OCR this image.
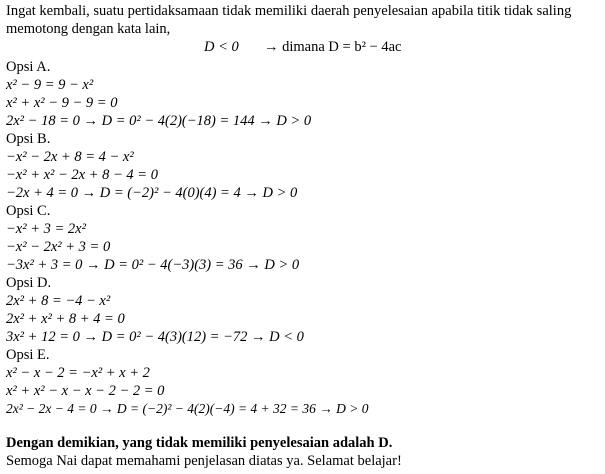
Ingat kembali, suatu pertidaksamaan tidak memiliki daerah penyelesaian apabila titik tidak saling
memotong dengan kata lain,
D < 0 → dimana D = b² − 4ac
Opsi A.
x² − 9 = 9 − x²
x² + x² − 9 − 9 = 0
2x² − 18 = 0 → D = 0² − 4(2)(−18) = 144 → D > 0
Opsi B.
−x² − 2x + 8 = 4 − x²
−x² + x² − 2x + 8 − 4 = 0
−2x + 4 = 0 → D = (−2)² − 4(0)(4) = 4 → D > 0
Opsi C.
−x² + 3 = 2x²
−x² − 2x² + 3 = 0
−3x² + 3 = 0 → D = 0² − 4(−3)(3) = 36 → D > 0
Opsi D.
2x² + 8 = −4 − x²
2x² + x² + 8 + 4 = 0
3x² + 12 = 0 → D = 0² − 4(3)(12) = −72 → D < 0
Opsi E.
x² − x − 2 = −x² + x + 2
x² + x² − x − x − 2 − 2 = 0
2x² − 2x − 4 = 0 → D = (−2)² − 4(2)(−4) = 4 + 32 = 36 → D > 0
Dengan demikian, yang tidak memiliki penyelesaian adalah D.
Semoga Nai dapat memahami penjelasan diatas ya. Selamat belajar!
